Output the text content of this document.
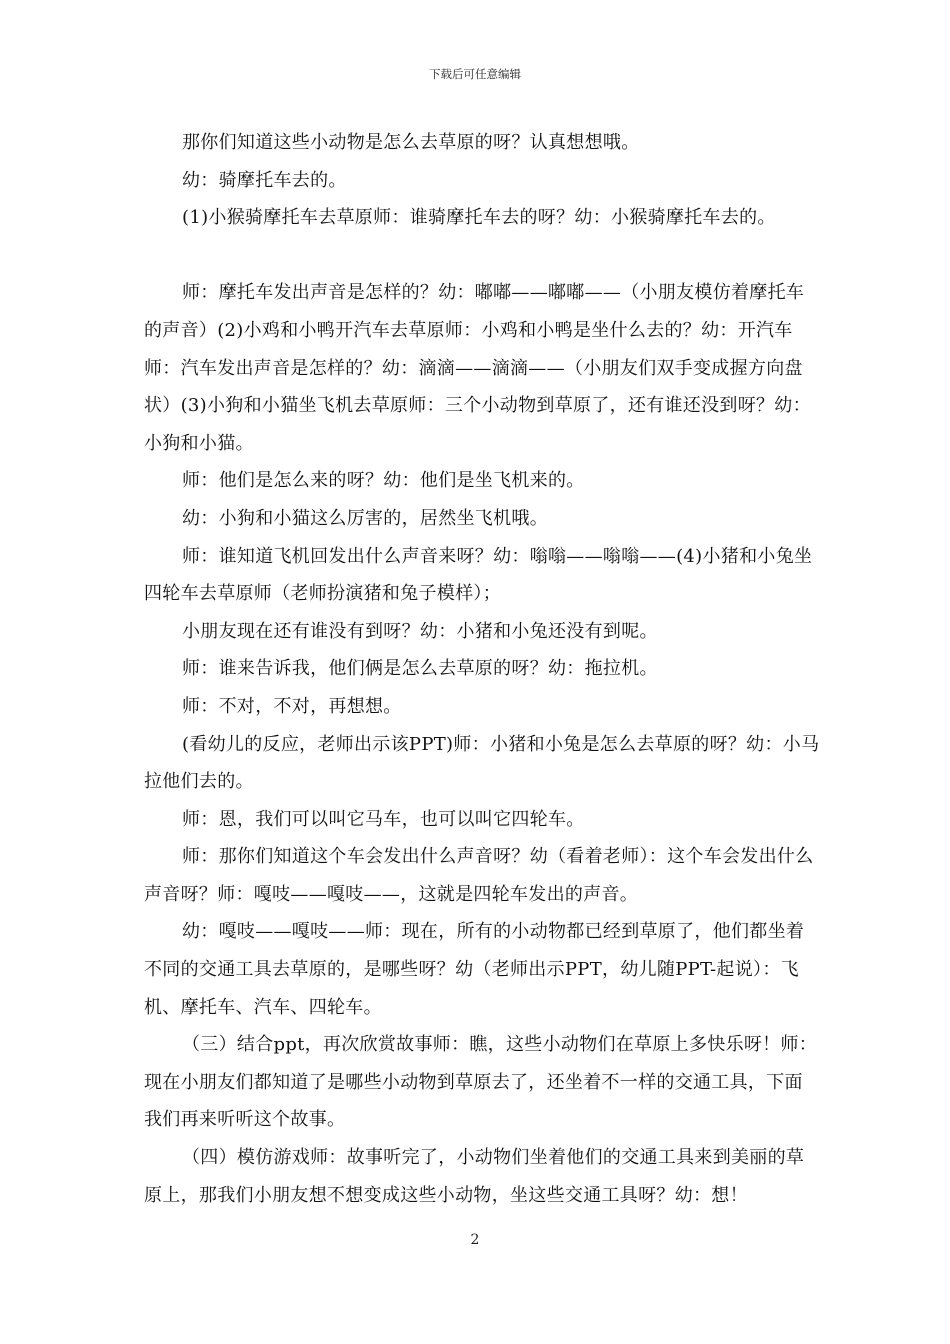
下载后可任意编辑

那你们知道这些小动物是怎么去草原的呀？认真想想哦。

幼：骑摩托车去的。

(1)小猴骑摩托车去草原师：谁骑摩托车去的呀？幼：小猴骑摩托车去的。

师：摩托车发出声音是怎样的？幼：嘟嘟——嘟嘟——（小朋友模仿着摩托车的声音）(2)小鸡和小鸭开汽车去草原师：小鸡和小鸭是坐什么去的？幼：开汽车师：汽车发出声音是怎样的？幼：滴滴——滴滴——（小朋友们双手变成握方向盘状）(3)小狗和小猫坐飞机去草原师：三个小动物到草原了，还有谁还没到呀？幼：小狗和小猫。

师：他们是怎么来的呀？幼：他们是坐飞机来的。

幼：小狗和小猫这么厉害的，居然坐飞机哦。

师：谁知道飞机回发出什么声音来呀？幼：嗡嗡——嗡嗡——(4)小猪和小兔坐四轮车去草原师（老师扮演猪和兔子模样）；

小朋友现在还有谁没有到呀？幼：小猪和小兔还没有到呢。

师：谁来告诉我，他们俩是怎么去草原的呀？幼：拖拉机。

师：不对，不对，再想想。

(看幼儿的反应，老师出示该PPT)师：小猪和小兔是怎么去草原的呀？幼：小马拉他们去的。

师：恩，我们可以叫它马车，也可以叫它四轮车。

师：那你们知道这个车会发出什么声音呀？幼（看着老师）：这个车会发出什么声音呀？师：嘎吱——嘎吱——，这就是四轮车发出的声音。

幼：嘎吱——嘎吱——师：现在，所有的小动物都已经到草原了，他们都坐着不同的交通工具去草原的，是哪些呀？幼（老师出示PPT，幼儿随PPT-起说）：飞机、摩托车、汽车、四轮车。

（三）结合ppt，再次欣赏故事师：瞧，这些小动物们在草原上多快乐呀！师：现在小朋友们都知道了是哪些小动物到草原去了，还坐着不一样的交通工具，下面我们再来听听这个故事。

（四）模仿游戏师：故事听完了，小动物们坐着他们的交通工具来到美丽的草原上，那我们小朋友想不想变成这些小动物，坐这些交通工具呀？幼：想！

2
